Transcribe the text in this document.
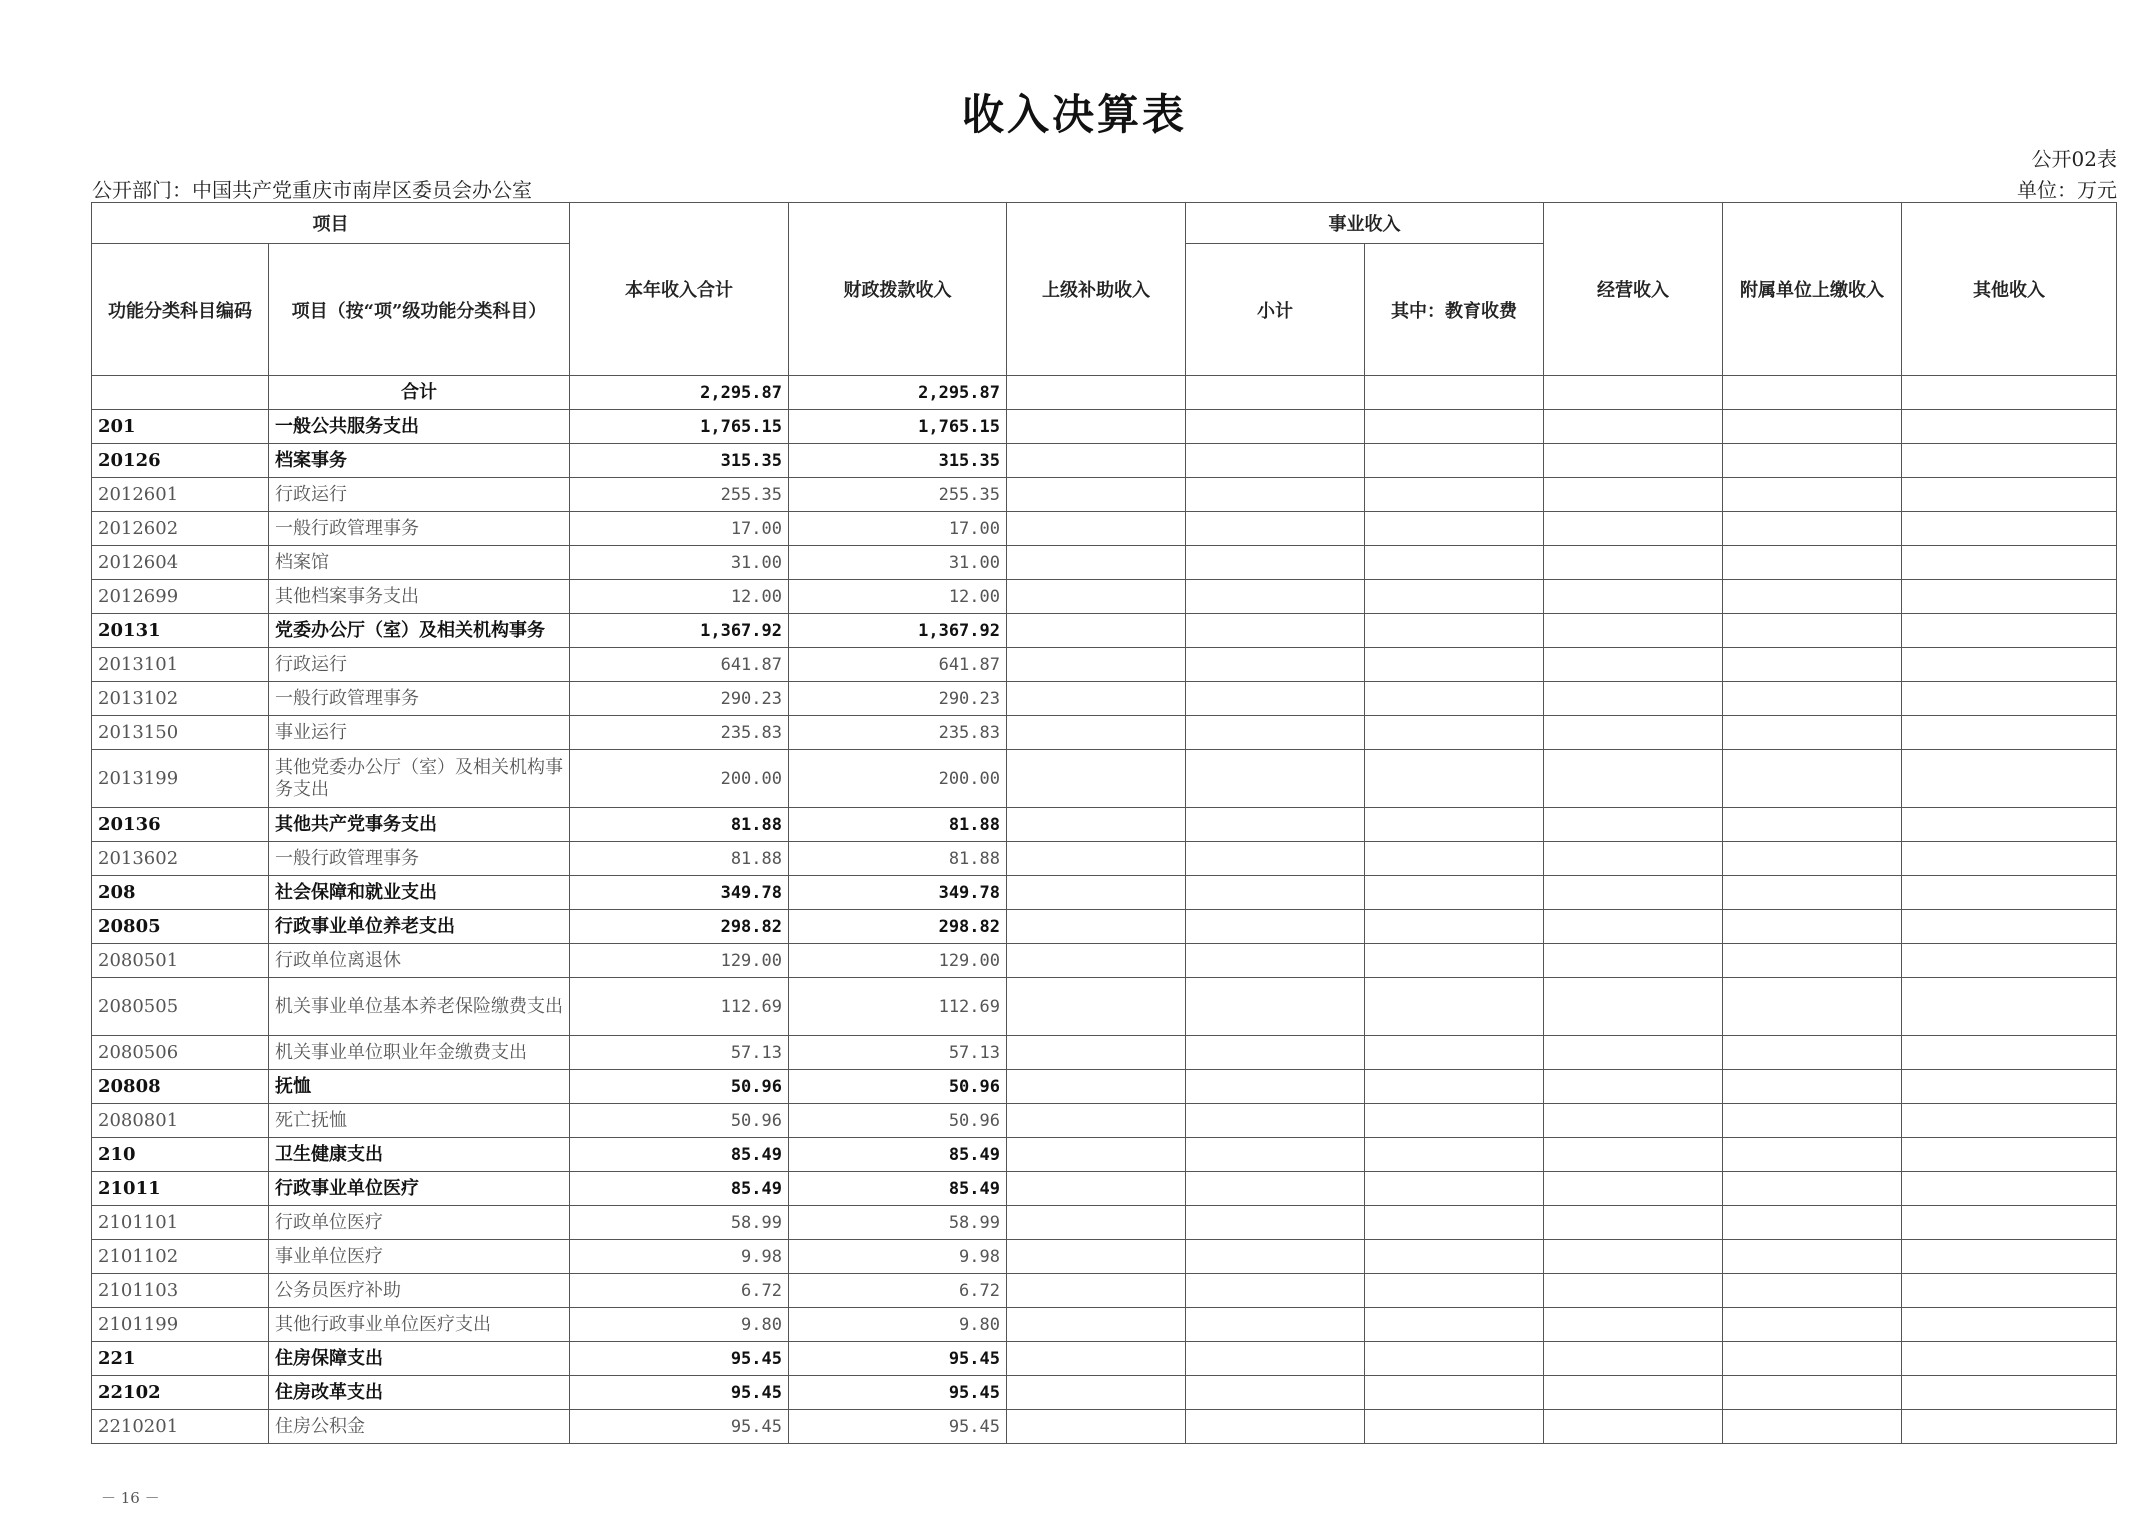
收入决算表
公开02表
公开部门：中国共产党重庆市南岸区委员会办公室	单位：万元
项目		本年收入合计	财政拨款收入	上级补助收入	事业收入		经营收入	附属单位上缴收入	其他收入
功能分类科目编码	项目（按“项”级功能分类科目）				小计	其中：教育收费			
	合计	2,295.87	2,295.87						
201	一般公共服务支出	1,765.15	1,765.15						
20126	档案事务	315.35	315.35						
2012601	行政运行	255.35	255.35						
2012602	一般行政管理事务	17.00	17.00						
2012604	档案馆	31.00	31.00						
2012699	其他档案事务支出	12.00	12.00						
20131	党委办公厅（室）及相关机构事务	1,367.92	1,367.92						
2013101	行政运行	641.87	641.87						
2013102	一般行政管理事务	290.23	290.23						
2013150	事业运行	235.83	235.83						
2013199	其他党委办公厅（室）及相关机构事务支出	200.00	200.00						
20136	其他共产党事务支出	81.88	81.88						
2013602	一般行政管理事务	81.88	81.88						
208	社会保障和就业支出	349.78	349.78						
20805	行政事业单位养老支出	298.82	298.82						
2080501	行政单位离退休	129.00	129.00						
2080505	机关事业单位基本养老保险缴费支出	112.69	112.69						
2080506	机关事业单位职业年金缴费支出	57.13	57.13						
20808	抚恤	50.96	50.96						
2080801	死亡抚恤	50.96	50.96						
210	卫生健康支出	85.49	85.49						
21011	行政事业单位医疗	85.49	85.49						
2101101	行政单位医疗	58.99	58.99						
2101102	事业单位医疗	9.98	9.98						
2101103	公务员医疗补助	6.72	6.72						
2101199	其他行政事业单位医疗支出	9.80	9.80						
221	住房保障支出	95.45	95.45						
22102	住房改革支出	95.45	95.45						
2210201	住房公积金	95.45	95.45						
－ 16 －
